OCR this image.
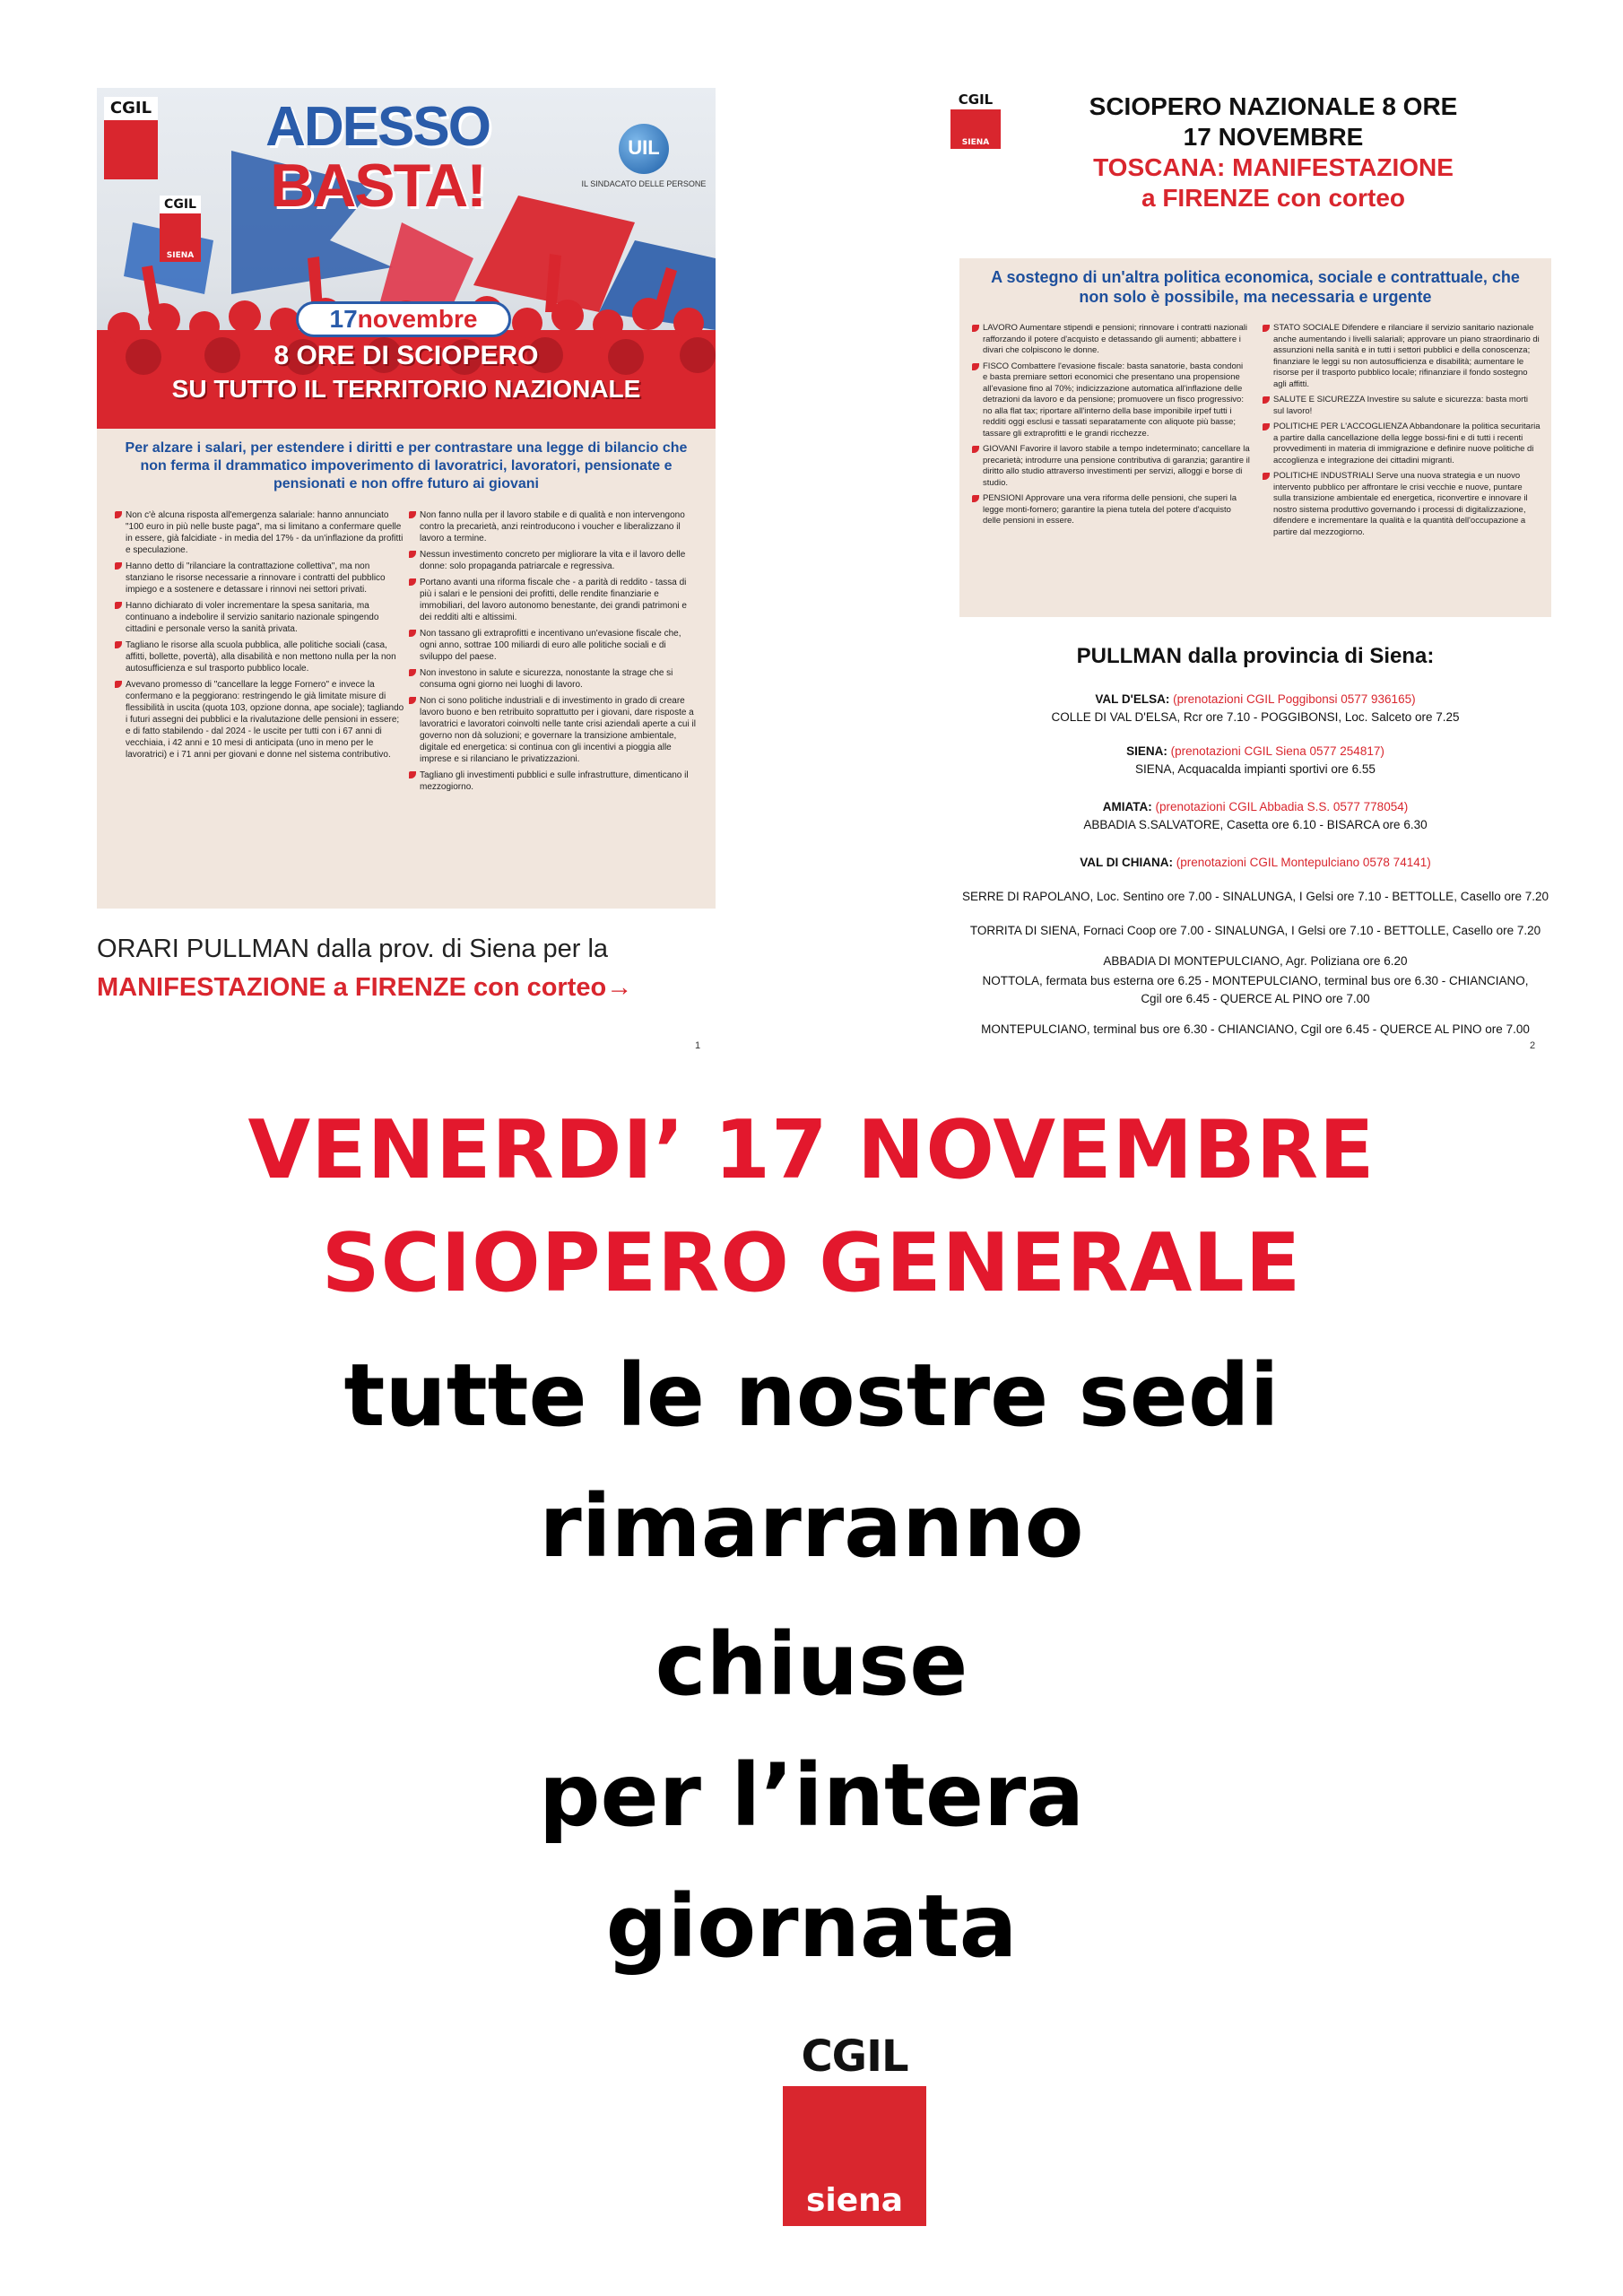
CGIL
CGIL
SIENA
ADESSO
BASTA!
UIL
IL SINDACATO DELLE PERSONE
17novembre
8 ORE DI SCIOPERO
SU TUTTO IL TERRITORIO NAZIONALE
Per alzare i salari, per estendere i diritti e per contrastare una legge di bilancio che non ferma il drammatico impoverimento di lavoratrici, lavoratori, pensionate e pensionati e non offre futuro ai giovani

Non c'è alcuna risposta all'emergenza salariale: hanno annunciato "100 euro in più nelle buste paga", ma si limitano a confermare quelle in essere, già falcidiate - in media del 17% - da un'inflazione da profitti e speculazione.

Hanno detto di "rilanciare la contrattazione collettiva", ma non stanziano le risorse necessarie a rinnovare i contratti del pubblico impiego e a sostenere e detassare i rinnovi nei settori privati.

Hanno dichiarato di voler incrementare la spesa sanitaria, ma continuano a indebolire il servizio sanitario nazionale spingendo cittadini e personale verso la sanità privata.

Tagliano le risorse alla scuola pubblica, alle politiche sociali (casa, affitti, bollette, povertà), alla disabilità e non mettono nulla per la non autosufficienza e sul trasporto pubblico locale.

Avevano promesso di "cancellare la legge Fornero" e invece la confermano e la peggiorano: restringendo le già limitate misure di flessibilità in uscita (quota 103, opzione donna, ape sociale); tagliando i futuri assegni dei pubblici e la rivalutazione delle pensioni in essere; e di fatto stabilendo - dal 2024 - le uscite per tutti con i 67 anni di vecchiaia, i 42 anni e 10 mesi di anticipata (uno in meno per le lavoratrici) e i 71 anni per giovani e donne nel sistema contributivo.

Non fanno nulla per il lavoro stabile e di qualità e non intervengono contro la precarietà, anzi reintroducono i voucher e liberalizzano il lavoro a termine.

Nessun investimento concreto per migliorare la vita e il lavoro delle donne: solo propaganda patriarcale e regressiva.

Portano avanti una riforma fiscale che - a parità di reddito - tassa di più i salari e le pensioni dei profitti, delle rendite finanziarie e immobiliari, del lavoro autonomo benestante, dei grandi patrimoni e dei redditi alti e altissimi.

Non tassano gli extraprofitti e incentivano un'evasione fiscale che, ogni anno, sottrae 100 miliardi di euro alle politiche sociali e di sviluppo del paese.

Non investono in salute e sicurezza, nonostante la strage che si consuma ogni giorno nei luoghi di lavoro.

Non ci sono politiche industriali e di investimento in grado di creare lavoro buono e ben retribuito soprattutto per i giovani, dare risposte a lavoratrici e lavoratori coinvolti nelle tante crisi aziendali aperte a cui il governo non dà soluzioni; e governare la transizione ambientale, digitale ed energetica: si continua con gli incentivi a pioggia alle imprese e si rilanciano le privatizzazioni.

Tagliano gli investimenti pubblici e sulle infrastrutture, dimenticano il mezzogiorno.

ORARI PULLMAN dalla prov. di Siena per la
MANIFESTAZIONE a FIRENZE con corteo→
1
CGIL
SIENA
SCIOPERO NAZIONALE 8 ORE
17 NOVEMBRE
TOSCANA: MANIFESTAZIONE
a FIRENZE con corteo
A sostegno di un'altra politica economica, sociale e contrattuale, che non solo è possibile, ma necessaria e urgente

LAVORO Aumentare stipendi e pensioni; rinnovare i contratti nazionali rafforzando il potere d'acquisto e detassando gli aumenti; abbattere i divari che colpiscono le donne.

FISCO Combattere l'evasione fiscale: basta sanatorie, basta condoni e basta premiare settori economici che presentano una propensione all'evasione fino al 70%; indicizzazione automatica all'inflazione delle detrazioni da lavoro e da pensione; promuovere un fisco progressivo: no alla flat tax; riportare all'interno della base imponibile irpef tutti i redditi oggi esclusi e tassati separatamente con aliquote più basse; tassare gli extraprofitti e le grandi ricchezze.

GIOVANI Favorire il lavoro stabile a tempo indeterminato; cancellare la precarietà; introdurre una pensione contributiva di garanzia; garantire il diritto allo studio attraverso investimenti per servizi, alloggi e borse di studio.

PENSIONI Approvare una vera riforma delle pensioni, che superi la legge monti-fornero; garantire la piena tutela del potere d'acquisto delle pensioni in essere.

STATO SOCIALE Difendere e rilanciare il servizio sanitario nazionale anche aumentando i livelli salariali; approvare un piano straordinario di assunzioni nella sanità e in tutti i settori pubblici e della conoscenza; finanziare le leggi su non autosufficienza e disabilità; aumentare le risorse per il trasporto pubblico locale; rifinanziare il fondo sostegno agli affitti.

SALUTE E SICUREZZA Investire su salute e sicurezza: basta morti sul lavoro!

POLITICHE PER L'ACCOGLIENZA Abbandonare la politica securitaria a partire dalla cancellazione della legge bossi-fini e di tutti i recenti provvedimenti in materia di immigrazione e definire nuove politiche di accoglienza e integrazione dei cittadini migranti.

POLITICHE INDUSTRIALI Serve una nuova strategia e un nuovo intervento pubblico per affrontare le crisi vecchie e nuove, puntare sulla transizione ambientale ed energetica, riconvertire e innovare il nostro sistema produttivo governando i processi di digitalizzazione, difendere e incrementare la qualità e la quantità dell'occupazione a partire dal mezzogiorno.

PULLMAN dalla provincia di Siena:
VAL D'ELSA: (prenotazioni CGIL Poggibonsi 0577 936165)
COLLE DI VAL D'ELSA, Rcr ore 7.10 - POGGIBONSI, Loc. Salceto ore 7.25
SIENA: (prenotazioni CGIL Siena 0577 254817)
SIENA, Acquacalda impianti sportivi ore 6.55
AMIATA: (prenotazioni CGIL Abbadia S.S. 0577 778054)
ABBADIA S.SALVATORE, Casetta ore 6.10 - BISARCA ore 6.30
VAL DI CHIANA: (prenotazioni CGIL Montepulciano 0578 74141)
SERRE DI RAPOLANO, Loc. Sentino ore 7.00 - SINALUNGA, I Gelsi ore 7.10 - BETTOLLE, Casello ore 7.20
TORRITA DI SIENA, Fornaci Coop ore 7.00 - SINALUNGA, I Gelsi ore 7.10 - BETTOLLE, Casello ore 7.20
ABBADIA DI MONTEPULCIANO, Agr. Poliziana ore 6.20
NOTTOLA, fermata bus esterna ore 6.25 - MONTEPULCIANO, terminal bus ore 6.30 - CHIANCIANO,
Cgil ore 6.45 - QUERCE AL PINO ore 7.00
MONTEPULCIANO, terminal bus ore 6.30 - CHIANCIANO, Cgil ore 6.45 - QUERCE AL PINO ore 7.00
2
VENERDI’ 17 NOVEMBRE
SCIOPERO GENERALE
tutte le nostre sedi
rimarranno
chiuse
per l’intera
giornata
CGIL
siena
